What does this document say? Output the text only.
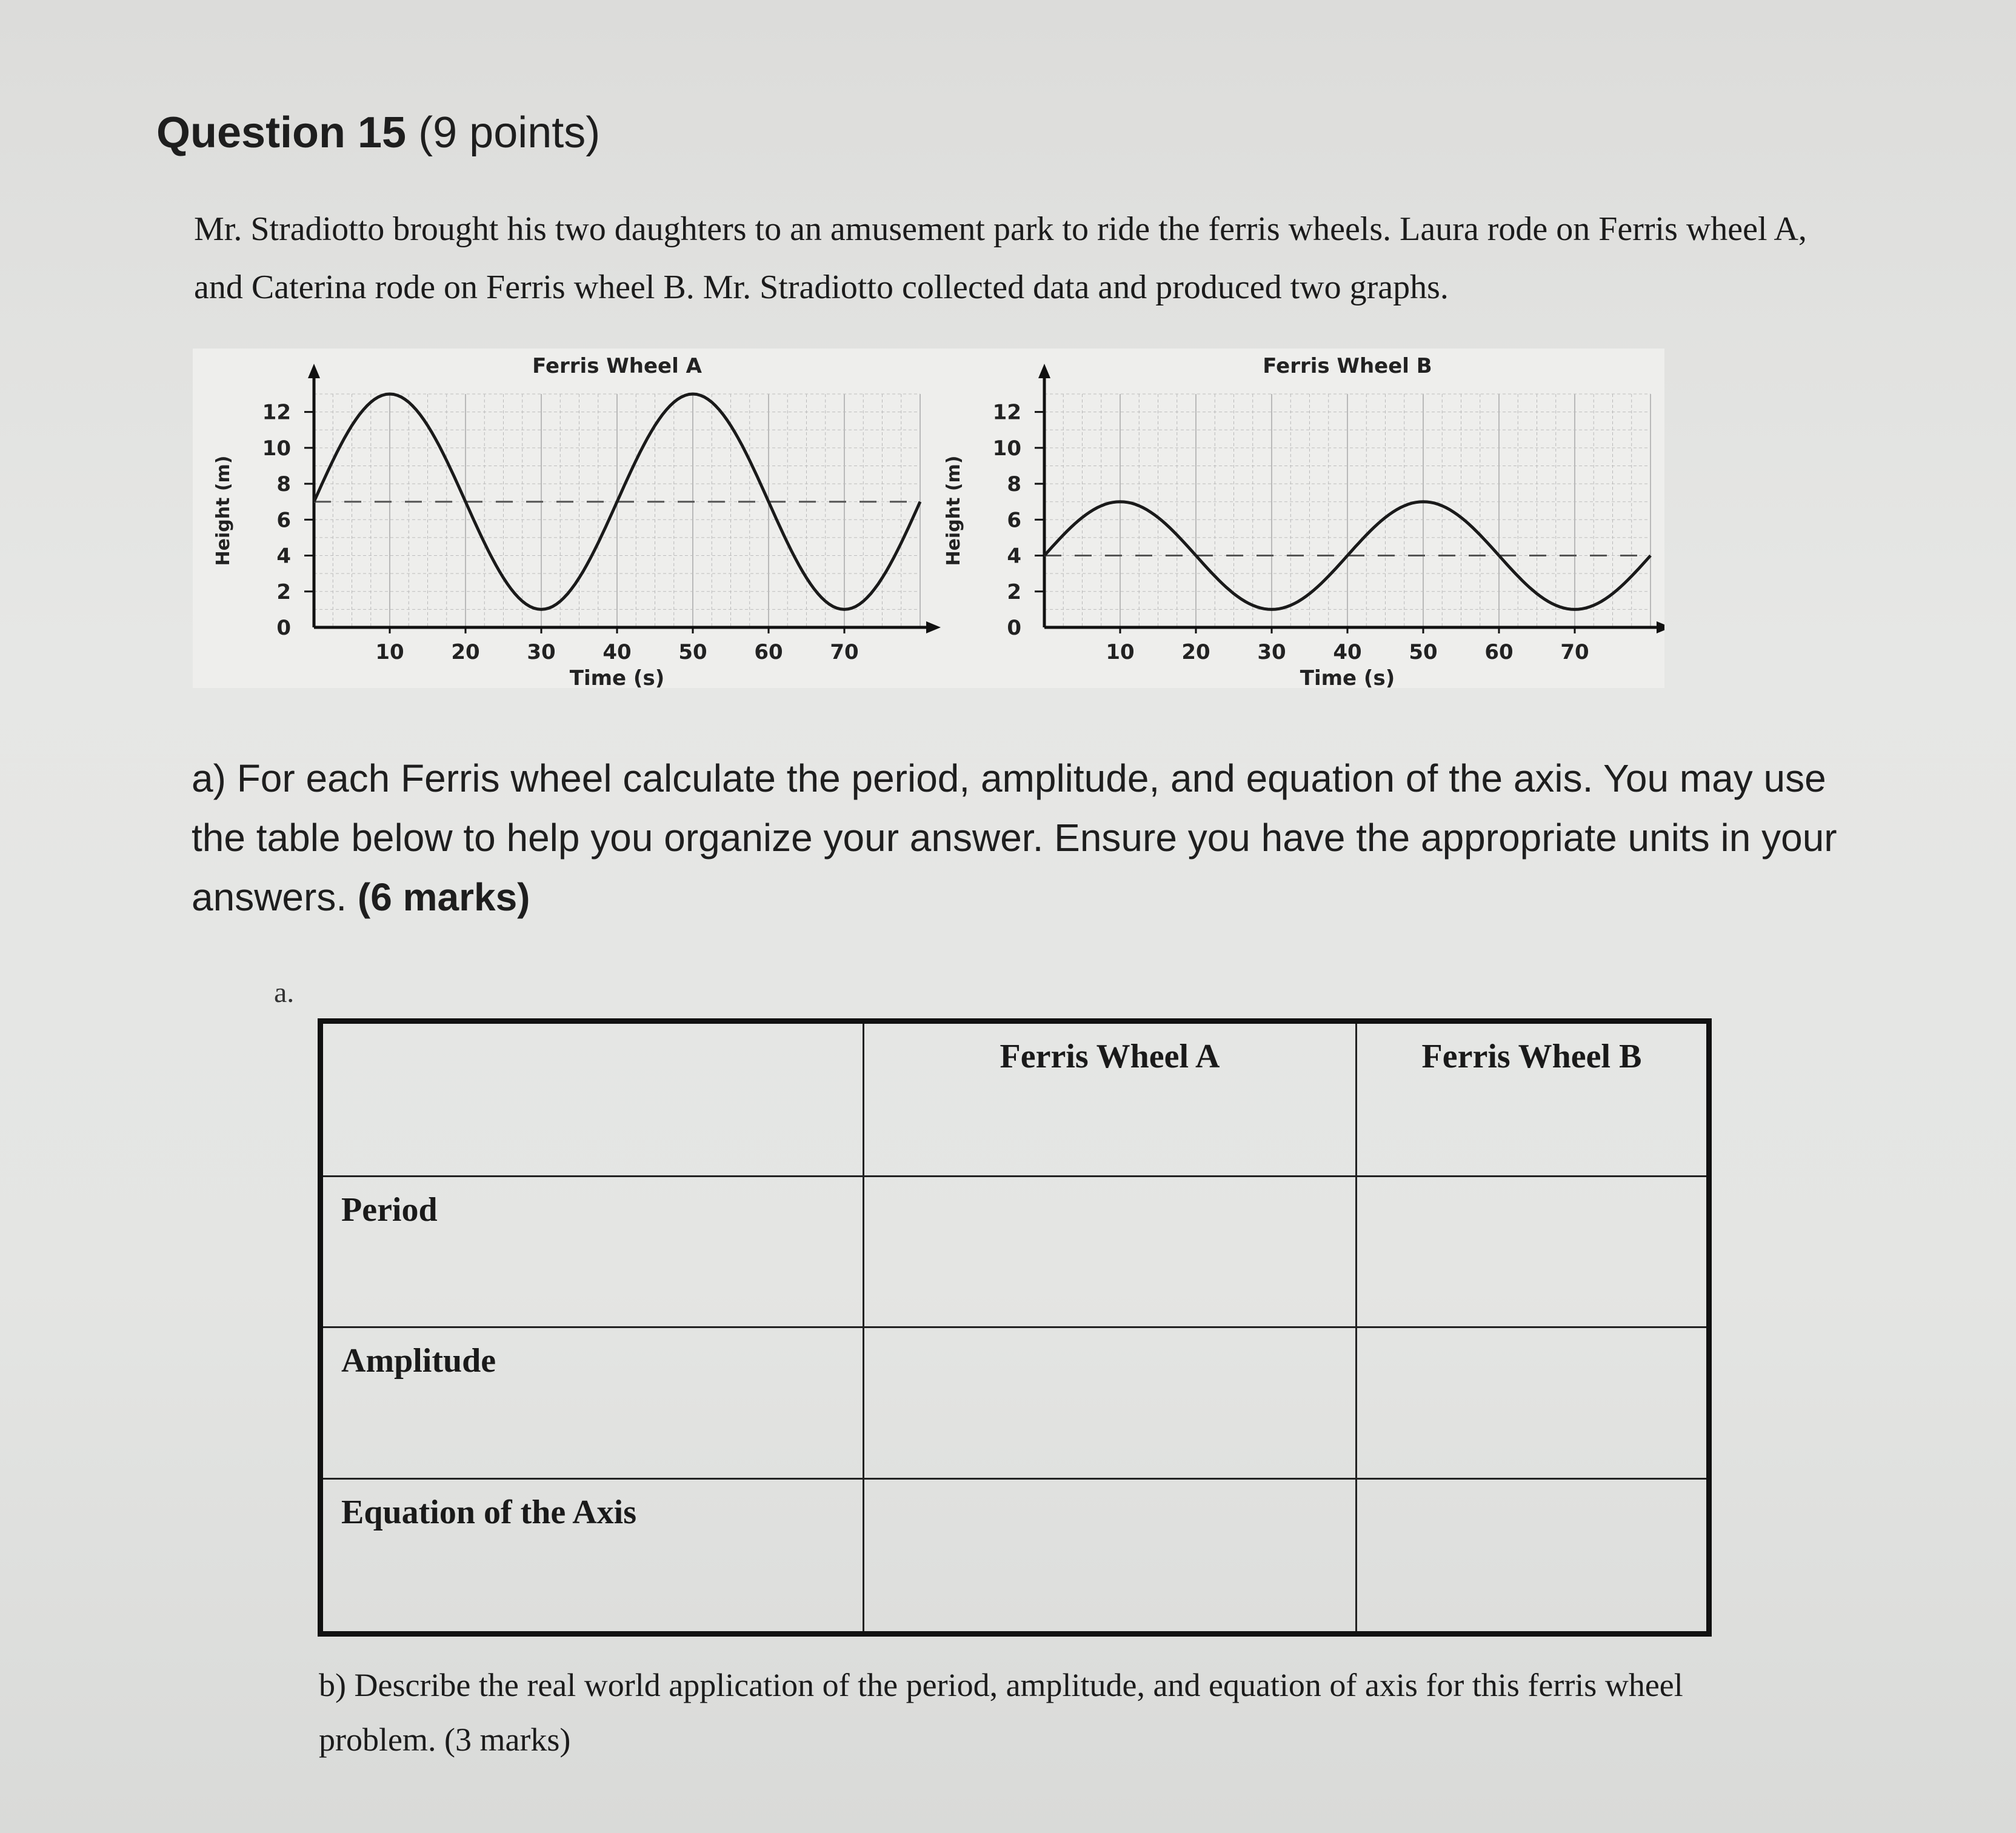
Question 15 (9 points)
Mr. Stradiotto brought his two daughters to an amusement park to ride the ferris wheels. Laura rode on Ferris wheel A, and Caterina rode on Ferris wheel B. Mr. Stradiotto collected data and produced two graphs.
0
2
4
6
8
10
12
10 20 30 40 50 60 70
Ferris Wheel A
Time (s)
Height (m)
0
2
4
6
8
10
12
10 20 30 40 50 60 70
Ferris Wheel B
Time (s)
Height (m)
a) For each Ferris wheel calculate the period, amplitude, and equation of the axis. You may use the table below to help you organize your answer. Ensure you have the appropriate units in your answers. (6 marks)
a.
	Ferris Wheel A	Ferris Wheel B
Period		
Amplitude		
Equation of the Axis		
b) Describe the real world application of the period, amplitude, and equation of axis for this ferris wheel problem. (3 marks)
